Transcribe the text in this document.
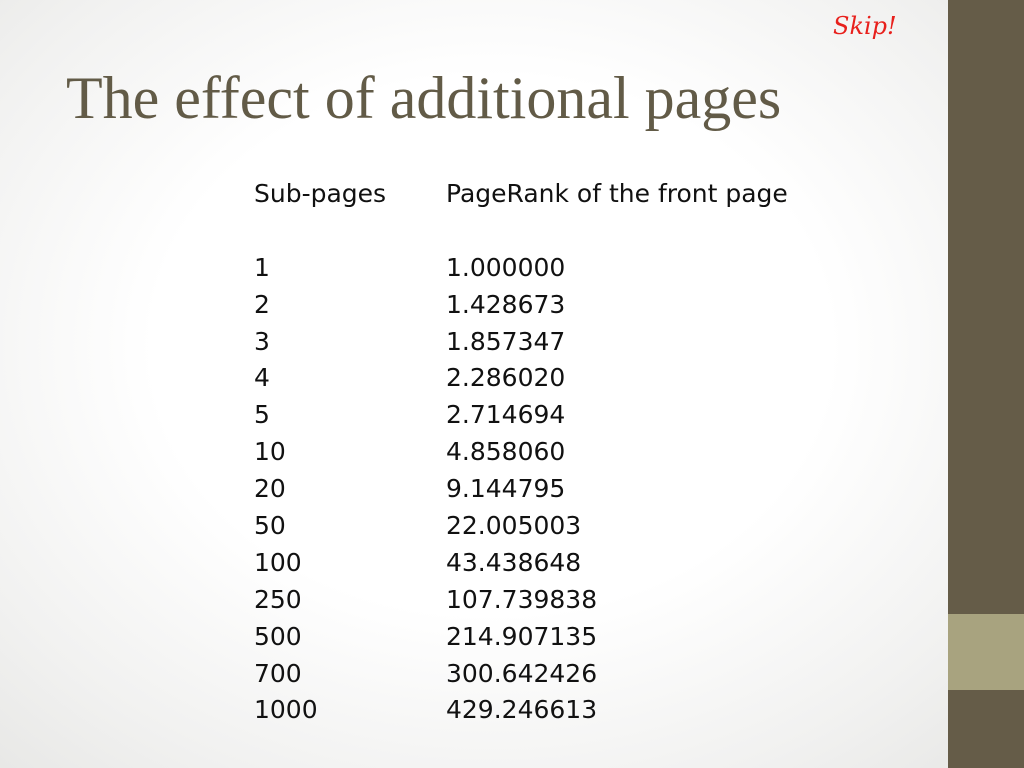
Skip!
The effect of additional pages
Sub-pages	PageRank of the front page
1	1.000000
2	1.428673
3	1.857347
4	2.286020
5	2.714694
10	4.858060
20	9.144795
50	22.005003
100	43.438648
250	107.739838
500	214.907135
700	300.642426
1000	429.246613
